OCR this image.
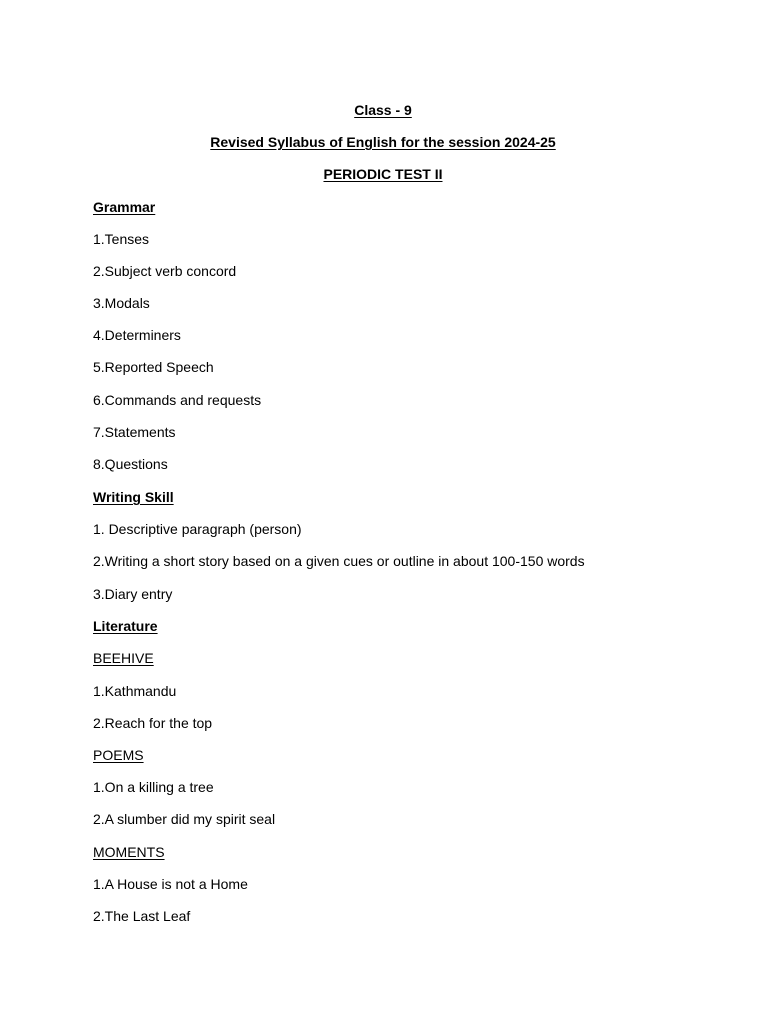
Class - 9
Revised Syllabus of English for the session 2024-25
PERIODIC TEST II
Grammar
1.Tenses
2.Subject verb concord
3.Modals
4.Determiners
5.Reported Speech
6.Commands and requests
7.Statements
8.Questions
Writing Skill
1. Descriptive paragraph (person)
2.Writing a short story based on a given cues or outline in about 100-150 words
3.Diary entry
Literature
BEEHIVE
1.Kathmandu
2.Reach for the top
POEMS
1.On a killing a tree
2.A slumber did my spirit seal
MOMENTS
1.A House is not a Home
2.The Last Leaf
